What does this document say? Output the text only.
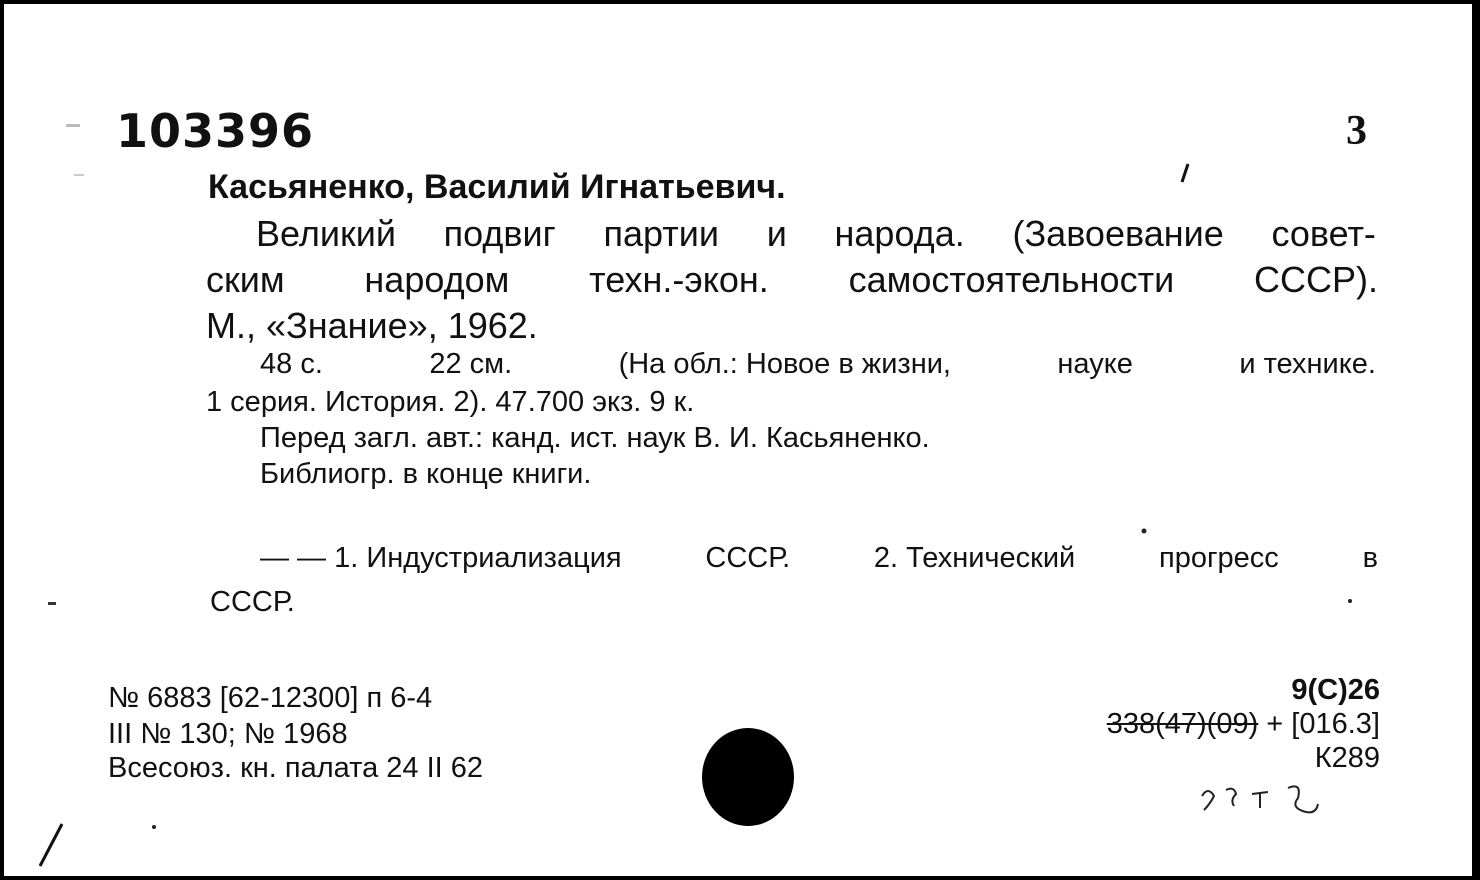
103396	3
Касьяненко, Василий Игнатьевич.
Великий подвиг партии и народа. (Завоевание совет-
ским народом техн.-экон. самостоятельности СССР).
М., «Знание», 1962.
48 с.	22 см.	(На обл.: Новое в жизни,	науке	и технике.
1 серия. История. 2). 47.700 экз. 9 к.
Перед загл. авт.: канд. ист. наук В. И. Касьяненко.
Библиогр. в конце книги.
— — 1. Индустриализация	СССР.	2. Технический	прогресс	в
СССР.
№ 6883 [62-12300] п 6-4
III № 130; № 1968
Всесоюз. кн. палата 24 II 62
9(С)26
338(47)(09) + [016.3]
К289
